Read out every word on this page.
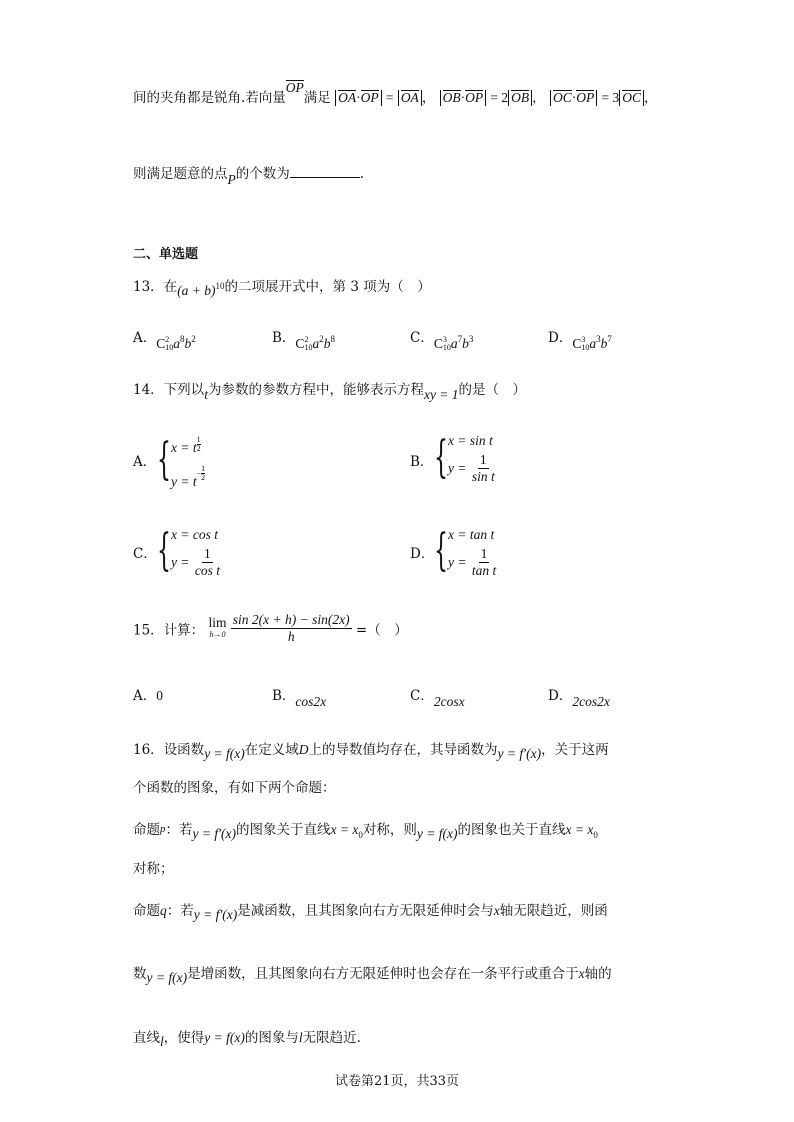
间的夹角都是锐角.若向量OP满足 OA·OP = OA ， OB·OP = 2 OB ， OC·OP = 3 OC ，
则满足题意的点P的个数为	.
二、单选题
13．在(a + b)10的二项展开式中，第 3 项为（　）
A．C 2
10 $a^8b^2$	B．C 2
10 $a^2b^8$	C．C 3
10 $a^7b^3$	D．C 3
10 $a^3b^7$
14．下列以t为参数的参数方程中，能够表示方程xy = 1的是（　）
A． { x = t $\frac{1}{2}$
y = t
− $\frac{1}{2}$
B． { x = sin t
$y = \frac{1}{\text{sin t}}$
C． { x = cos t
$y = \frac{1}{\text{cos t}}$	D． { x = tan t
$y = \frac{1}{\text{tan t}}$
15．计算：
lim
h→0
$\frac{\sin 2(x + h) - \sin(2x)}{h}$ =（　）
A．0	B．cos2x	C．2cosx	D．2cos2x
16．设函数y = f(x)在定义域D上的导数值均存在，其导函数为y = f′(x)，关于这两
个函数的图象，有如下两个命题：
命题p：若y = f′(x)的图象关于直线$x = x_0$对称，则y = f(x)的图象也关于直线$x = x_0$
对称；
命题q：若y = f′(x)是减函数，且其图象向右方无限延伸时会与x轴无限趋近，则函
数y = f(x)是增函数，且其图象向右方无限延伸时也会存在一条平行或重合于x轴的
直线l，使得y = f(x)的图象与l无限趋近.
试卷第21页，共33页
